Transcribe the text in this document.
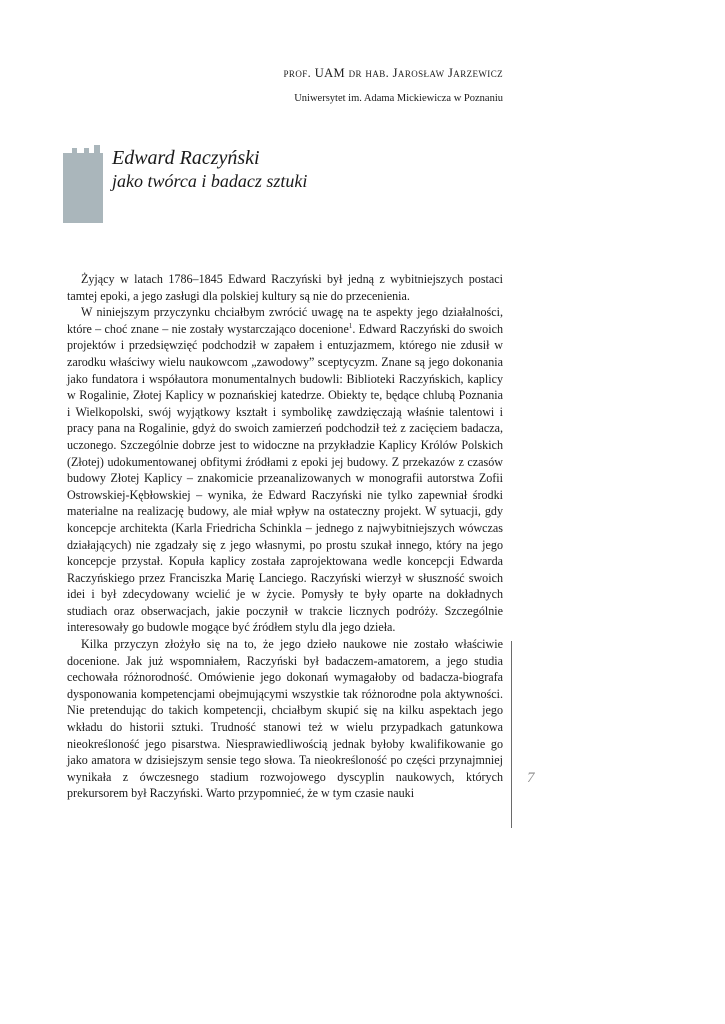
prof. UAM dr hab. Jarosław Jarzewicz
Uniwersytet im. Adama Mickiewicza w Poznaniu
Edward Raczyński
jako twórca i badacz sztuki

Żyjący w latach 1786–1845 Edward Raczyński był jedną z wybitniejszych postaci tamtej epoki, a jego zasługi dla polskiej kultury są nie do przecenienia.

W niniejszym przyczynku chciałbym zwrócić uwagę na te aspekty jego działalności, które – choć znane – nie zostały wystarczająco docenione$^1$. Edward Raczyński do swoich projektów i przedsięwzięć podchodził w zapałem i entuzjazmem, którego nie zdusił w zarodku właściwy wielu naukowcom „zawodowy” sceptycyzm. Znane są jego dokonania jako fundatora i współautora monumentalnych budowli: Biblioteki Raczyńskich, kaplicy w Rogalinie, Złotej Kaplicy w poznańskiej katedrze. Obiekty te, będące chlubą Poznania i Wielkopolski, swój wyjątkowy kształt i symbolikę zawdzięczają właśnie talentowi i pracy pana na Rogalinie, gdyż do swoich zamierzeń podchodził też z zacięciem badacza, uczonego. Szczególnie dobrze jest to widoczne na przykładzie Kaplicy Królów Polskich (Złotej) udokumentowanej obfitymi źródłami z epoki jej budowy. Z przekazów z czasów budowy Złotej Kaplicy – znakomicie przeanalizowanych w monografii autorstwa Zofii Ostrowskiej-Kębłowskiej – wynika, że Edward Raczyński nie tylko zapewniał środki materialne na realizację budowy, ale miał wpływ na ostateczny projekt. W sytuacji, gdy koncepcje architekta (Karla Friedricha Schinkla – jednego z najwybitniejszych wówczas działających) nie zgadzały się z jego własnymi, po prostu szukał innego, który na jego koncepcje przystał. Kopuła kaplicy została zaprojektowana wedle koncepcji Edwarda Raczyńskiego przez Franciszka Marię Lanciego. Raczyński wierzył w słuszność swoich idei i był zdecydowany wcielić je w życie. Pomysły te były oparte na dokładnych studiach oraz obserwacjach, jakie poczynił w trakcie licznych podróży. Szczególnie interesowały go budowle mogące być źródłem stylu dla jego dzieła.

Kilka przyczyn złożyło się na to, że jego dzieło naukowe nie zostało właściwie docenione. Jak już wspomniałem, Raczyński był badaczem-amatorem, a jego studia cechowała różnorodność. Omówienie jego dokonań wymagałoby od badacza-biografa dysponowania kompetencjami obejmującymi wszystkie tak różnorodne pola aktywności. Nie pretendując do takich kompetencji, chciałbym skupić się na kilku aspektach jego wkładu do historii sztuki. Trudność stanowi też w wielu przypadkach gatunkowa nieokreśloność jego pisarstwa. Niesprawiedliwością jednak byłoby kwalifikowanie go jako amatora w dzisiejszym sensie tego słowa. Ta nieokreśloność po części przynajmniej wynikała z ówczesnego stadium rozwojowego dyscyplin naukowych, których prekursorem był Raczyński. Warto przypomnieć, że w tym czasie nauki

7
